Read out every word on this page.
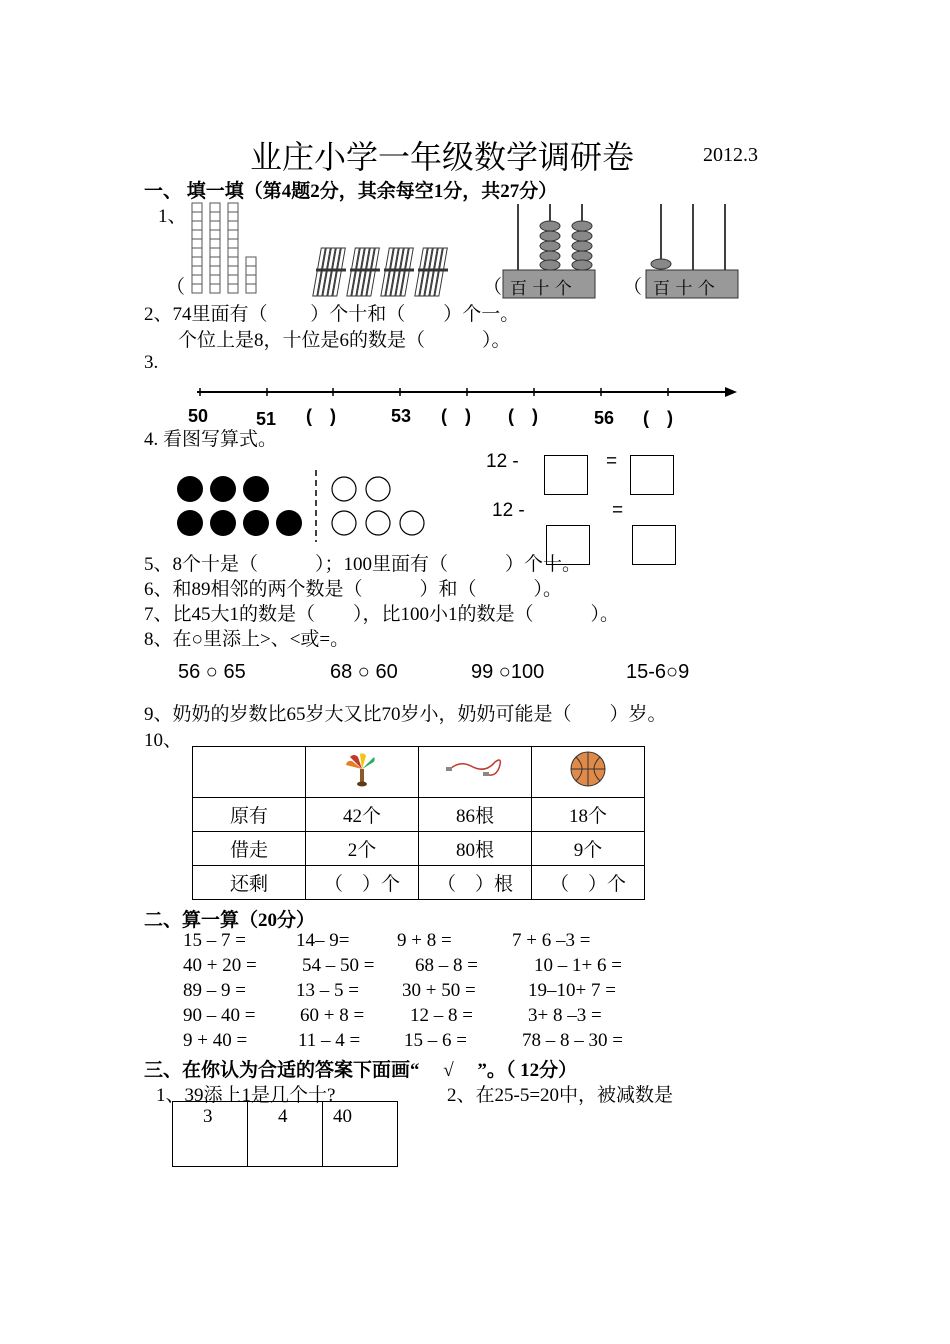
业庄小学一年级数学调研卷	2012.3
一、 填一填（第4题2分，其余每空1分，共27分）
1、
（	（	（
百 十 个	百 十 个
2、74里面有（　　 ）个十和（　　）个一。
个位上是8，十位是6的数是（　　　）。
3.
50	51 (　)	53 (　) (　)	56 (　)
4. 看图写算式。
12 -	=
12 -	=
5、8个十是（　　　）；100里面有（　　　）个十。
6、和89相邻的两个数是（　　　）和（　　　）。
7、比45大1的数是（　　），比100小1的数是（　　　）。
8、在○里添上>、<或=。
56 ○ 65	68 ○ 60	99 ○100	15-6○9
9、奶奶的岁数比65岁大又比70岁小，奶奶可能是（　　）岁。
10、

原有	42个	86根	18个
借走	2个	80根	9个
还剩	（　）个	（　）根	（　）个
二、算一算（20分）
15 – 7 =	14– 9=	9 + 8 =	7 + 6 –3 =
40 + 20 = 54 – 50 = 68 – 8 =	10 – 1+ 6 =
89 – 9 =	13 – 5 = 30 + 50 =	19–10+ 7 =
90 – 40 = 60 + 8 = 12 – 8 =	3+ 8 –3 =
9 + 40 =	11 – 4 = 15 – 6 =	78 – 8 – 30 =
三、在你认为合适的答案下面画“　 √　 ”。（ 12分）
1、39添上1是几个十?	2、在25-5=20中，被减数是
3	4	40
